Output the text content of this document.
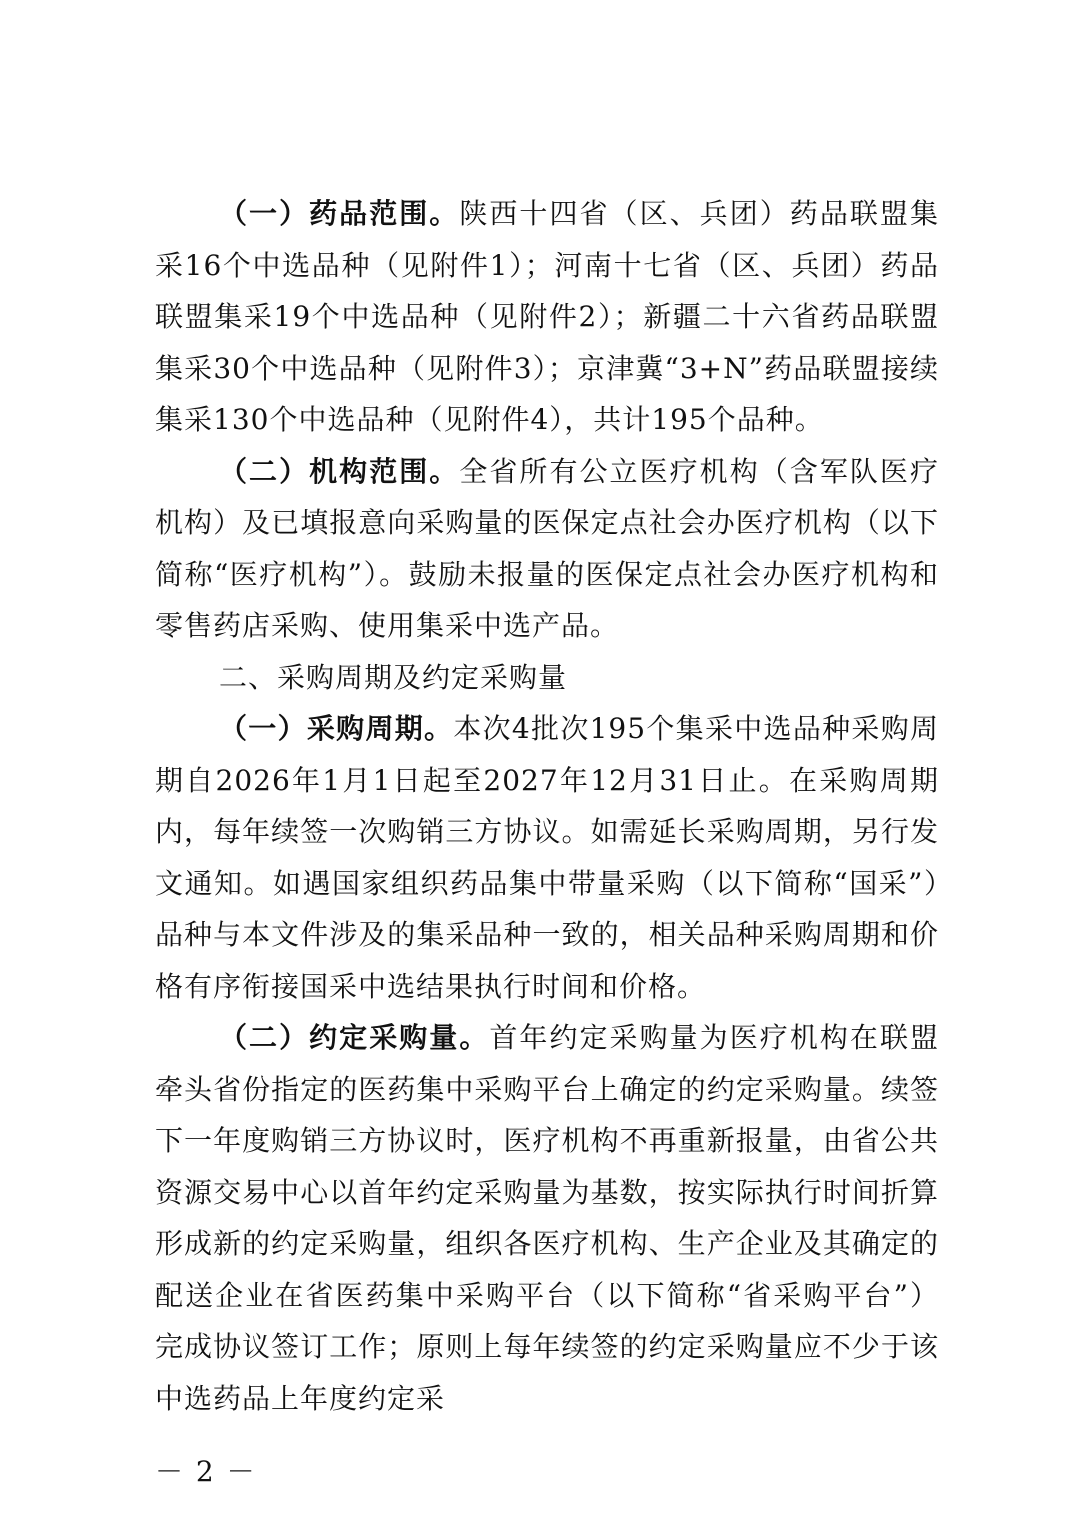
（一）药品范围。陕西十四省（区、兵团）药品联盟集采16个中选品种（见附件1）；河南十七省（区、兵团）药品联盟集采19个中选品种（见附件2）；新疆二十六省药品联盟集采30个中选品种（见附件3）；京津冀“3+N”药品联盟接续集采130个中选品种（见附件4），共计195个品种。

（二）机构范围。全省所有公立医疗机构（含军队医疗机构）及已填报意向采购量的医保定点社会办医疗机构（以下简称“医疗机构”）。鼓励未报量的医保定点社会办医疗机构和零售药店采购、使用集采中选产品。

二、采购周期及约定采购量

（一）采购周期。本次4批次195个集采中选品种采购周期自2026年1月1日起至2027年12月31日止。在采购周期内，每年续签一次购销三方协议。如需延长采购周期，另行发文通知。如遇国家组织药品集中带量采购（以下简称“国采”）品种与本文件涉及的集采品种一致的，相关品种采购周期和价格有序衔接国采中选结果执行时间和价格。

（二）约定采购量。首年约定采购量为医疗机构在联盟牵头省份指定的医药集中采购平台上确定的约定采购量。续签下一年度购销三方协议时，医疗机构不再重新报量，由省公共资源交易中心以首年约定采购量为基数，按实际执行时间折算形成新的约定采购量，组织各医疗机构、生产企业及其确定的配送企业在省医药集中采购平台（以下简称“省采购平台”）完成协议签订工作；原则上每年续签的约定采购量应不少于该中选药品上年度约定采

－ 2 －
